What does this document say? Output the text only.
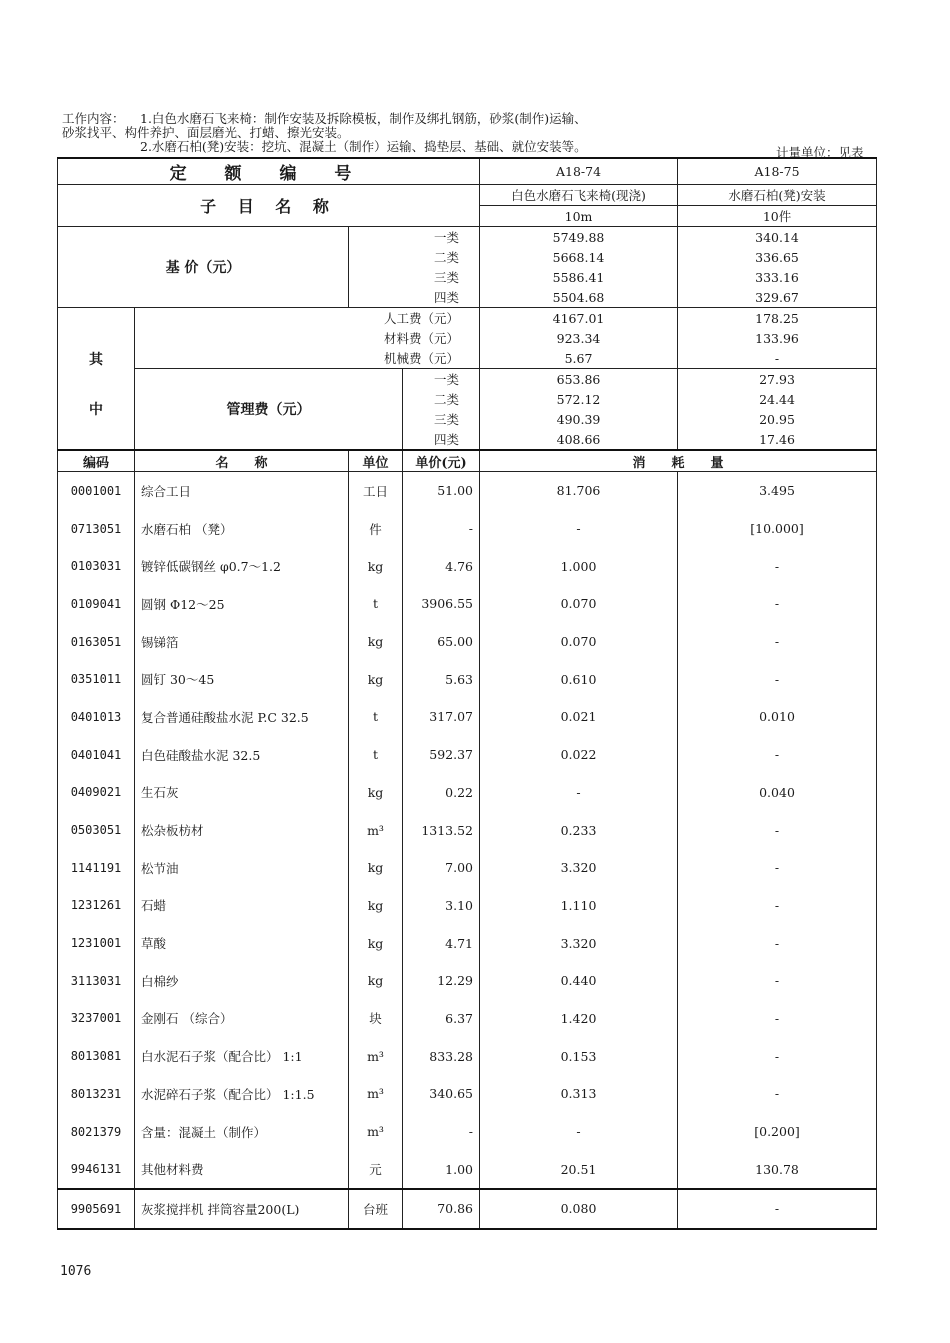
工作内容： 1.白色水磨石飞来椅：制作安装及拆除模板，制作及绑扎钢筋，砂浆(制作)运输、
砂浆找平、构件养护、面层磨光、打蜡、擦光安装。
2.水磨石柏(凳)安装：挖坑、混凝土（制作）运输、捣垫层、基础、就位安装等。	计量单位：见表
定 额 编 号				A18-74	A18-75
子 目 名 称				白色水磨石飞来椅(现浇)	水磨石柏(凳)安装
				10m	10件
基 价（元）		一类		5749.88	340.14
		二类		5668.14	336.65
		三类		5586.41	333.16
		四类		5504.68	329.67
其	人工费（元）			4167.01	178.25
	材料费（元）			923.34	133.96
	机械费（元）			5.67	-
中	管理费（元）		一类	653.86	27.93
			二类	572.12	24.44
			三类	490.39	20.95
			四类	408.66	17.46
编码	名　　称	单位	单价(元)	消　　耗　　量	
0001001	综合工日	工日	51.00	81.706	3.495
0713051	水磨石柏 （凳）	件	-	-	[10.000]
0103031	镀锌低碳钢丝 φ0.7～1.2	kg	4.76	1.000	-
0109041	圆钢 Φ12～25	t	3906.55	0.070	-
0163051	锡锑箔	kg	65.00	0.070	-
0351011	圆钉 30～45	kg	5.63	0.610	-
0401013	复合普通硅酸盐水泥 P.C 32.5	t	317.07	0.021	0.010
0401041	白色硅酸盐水泥 32.5	t	592.37	0.022	-
0409021	生石灰	kg	0.22	-	0.040
0503051	松杂板枋材	m³	1313.52	0.233	-
1141191	松节油	kg	7.00	3.320	-
1231261	石蜡	kg	3.10	1.110	-
1231001	草酸	kg	4.71	3.320	-
3113031	白棉纱	kg	12.29	0.440	-
3237001	金刚石 （综合）	块	6.37	1.420	-
8013081	白水泥石子浆（配合比） 1:1	m³	833.28	0.153	-
8013231	水泥碎石子浆（配合比） 1:1.5	m³	340.65	0.313	-
8021379	含量：混凝土（制作）	m³	-	-	[0.200]
9946131	其他材料费	元	1.00	20.51	130.78
9905691	灰浆搅拌机 拌筒容量200(L)	台班	70.86	0.080	-
1076
